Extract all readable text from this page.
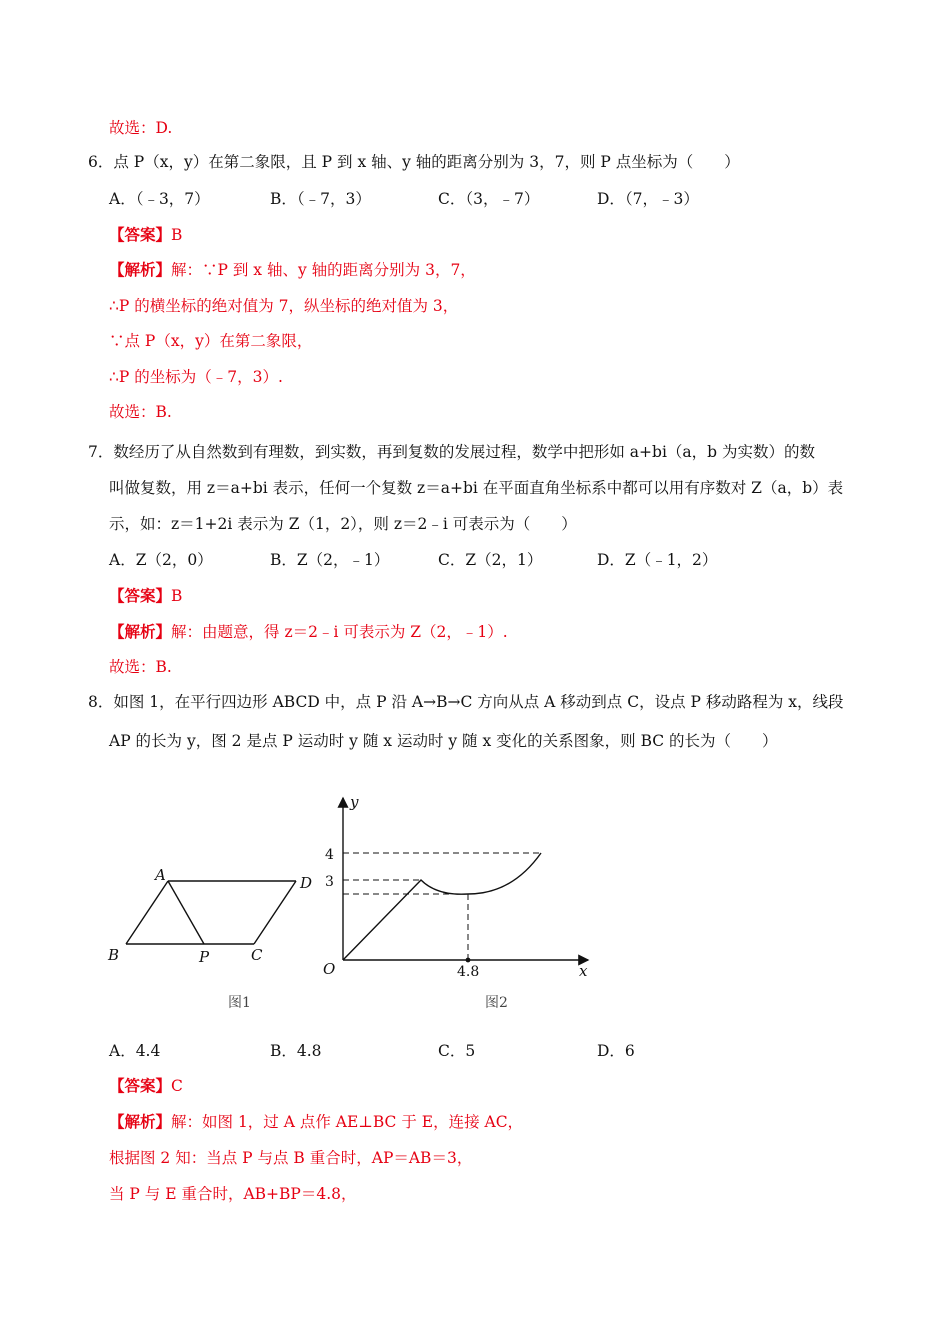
故选：D.
6．点 P（x，y）在第二象限，且 P 到 x 轴、y 轴的距离分别为 3，7，则 P 点坐标为（　　）
A．（﹣3，7）	B．（﹣7，3）	C．（3，﹣7）	D．（7，﹣3）
【答案】B
【解析】解：∵P 到 x 轴、y 轴的距离分别为 3，7，
∴P 的横坐标的绝对值为 7，纵坐标的绝对值为 3，
∵点 P（x，y）在第二象限，
∴P 的坐标为（﹣7，3）.
故选：B.
7．数经历了从自然数到有理数，到实数，再到复数的发展过程，数学中把形如 a+bi（a，b 为实数）的数
叫做复数，用 z＝a+bi 表示，任何一个复数 z＝a+bi 在平面直角坐标系中都可以用有序数对 Z（a，b）表
示，如：z＝1+2i 表示为 Z（1，2），则 z＝2﹣i 可表示为（　　）
A．Z（2，0）	B．Z（2，﹣1）	C．Z（2，1）	D．Z（﹣1，2）
【答案】B
【解析】解：由题意，得 z＝2﹣i 可表示为 Z（2，﹣1）.
故选：B.
8．如图 1，在平行四边形 ABCD 中，点 P 沿 A→B→C 方向从点 A 移动到点 C，设点 P 移动路程为 x，线段
AP 的长为 y，图 2 是点 P 运动时 y 随 x 运动时 y 随 x 变化的关系图象，则 BC 的长为（　　）
A	D
B	P	C
图1
y
x
O
4
3
4.8
图2
A．4.4	B．4.8	C．5	D．6
【答案】C
【解析】解：如图 1，过 A 点作 AE⊥BC 于 E，连接 AC，
根据图 2 知：当点 P 与点 B 重合时，AP＝AB＝3，
当 P 与 E 重合时，AB+BP＝4.8，
